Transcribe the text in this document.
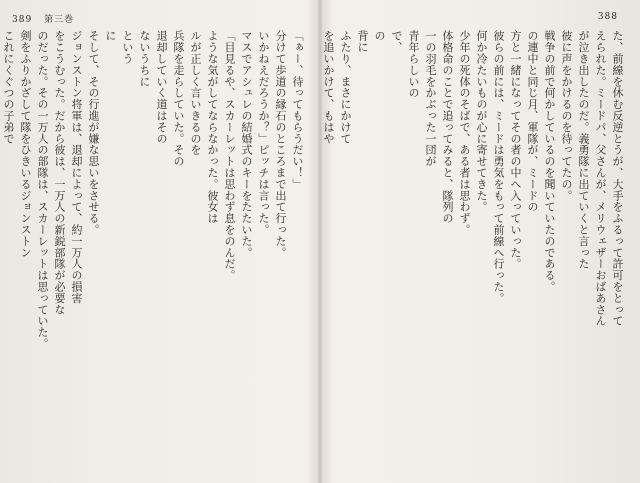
389 第三巻
「ぁー、待ってもらうだい！」
分けて歩道の縁石のところまで出て行った。
いかねえだろうか？」ピッチは言った。
マスでアシュレの結婚式のキーをたたいた。
「目見るや、スカーレットは思わず息をのんだ。
ような気がしてならなかった。彼女は
ルが正しく言いきるのを
兵隊を走らしていた。その
退却していく道はその
ないうちに
という
に
そして、その行進が嫌な思いをさせる。
ジョンストン将軍は、退却によって、約一万人の損害
をこうむった。だから彼は、一万人の新鋭部隊が必要な
のだった。その一万人の部隊は、スカーレットは思っていた。
剣をふりかざして隊をひきいるジョンストン
これにくぐつの子弟で
388
た、前線を休む反逆とうが、大手をふるって許可をとって
えられた。ミードパ、父さんが、メリウェザーおばあさん
が泣き出したのだ。義勇隊に出ていくと言った
彼に声をかけるのを待ってたの。
戦争の前で何かしているのを聞いていたのである。
の連中と同じ月、軍隊が、ミードの
方と一緒になってその者の中へ入っていった。
彼らの前には、ミードは勇気をもって前線へ行った。
何か冷たいものが心に寄せてきた。
少年の死体のそばで、ある者は思わず。
体格命のことで追ってみると、隊列の
一の羽毛をかぶった一団が
青年らしいの
で、
の
背に
ふたり、まさにかけて
を追いかけて、もはや
